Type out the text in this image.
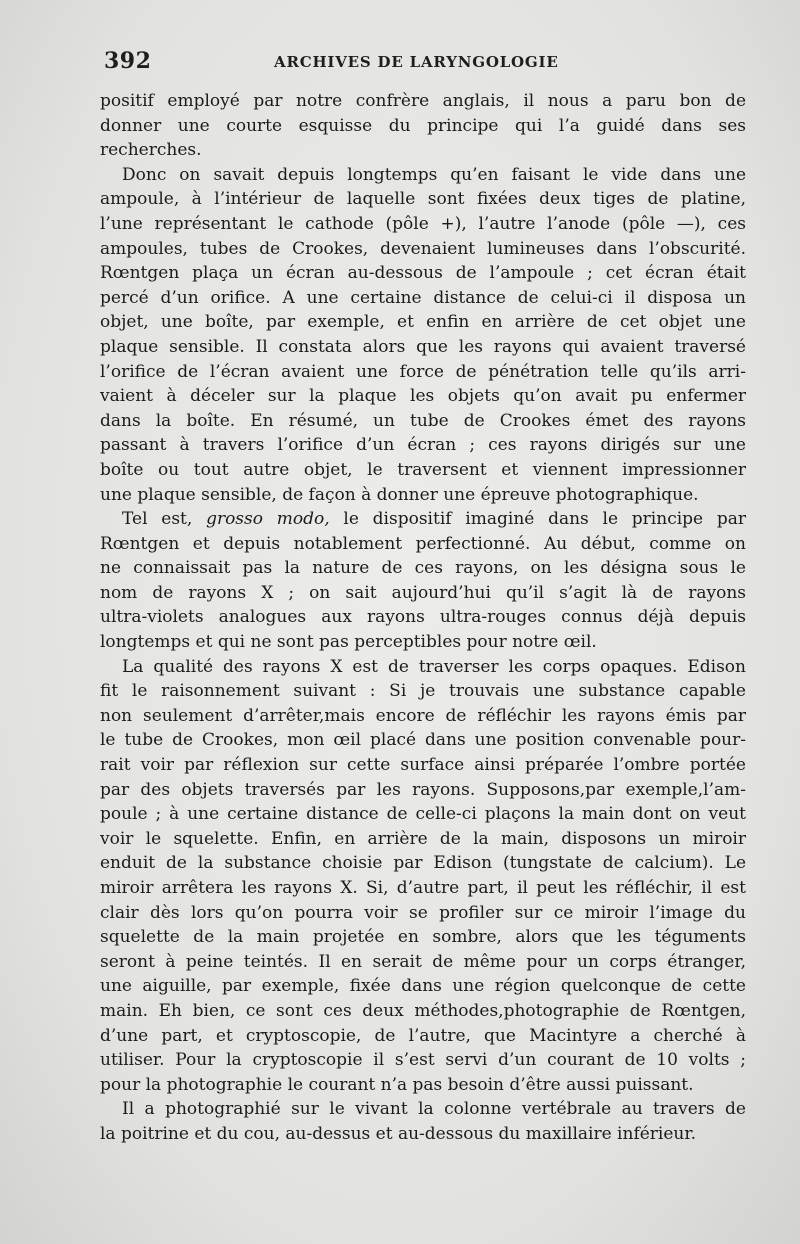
392	ARCHIVES DE LARYNGOLOGIE
positif employé par notre confrère anglais, il nous a paru bon de
donner une courte esquisse du principe qui l’a guidé dans ses
recherches.
Donc on savait depuis longtemps qu’en faisant le vide dans une
ampoule, à l’intérieur de laquelle sont fixées deux tiges de platine,
l’une représentant le cathode (pôle +), l’autre l’anode (pôle —), ces
ampoules, tubes de Crookes, devenaient lumineuses dans l’obscurité.
Rœntgen plaça un écran au-dessous de l’ampoule ; cet écran était
percé d’un orifice. A une certaine distance de celui-ci il disposa un
objet, une boîte, par exemple, et enfin en arrière de cet objet une
plaque sensible. Il constata alors que les rayons qui avaient traversé
l’orifice de l’écran avaient une force de pénétration telle qu’ils arri-
vaient à déceler sur la plaque les objets qu’on avait pu enfermer
dans la boîte. En résumé, un tube de Crookes émet des rayons
passant à travers l’orifice d’un écran ; ces rayons dirigés sur une
boîte ou tout autre objet, le traversent et viennent impressionner
une plaque sensible, de façon à donner une épreuve photographique.
Tel est, grosso modo, le dispositif imaginé dans le principe par
Rœntgen et depuis notablement perfectionné. Au début, comme on
ne connaissait pas la nature de ces rayons, on les désigna sous le
nom de rayons X ; on sait aujourd’hui qu’il s’agit là de rayons
ultra-violets analogues aux rayons ultra-rouges connus déjà depuis
longtemps et qui ne sont pas perceptibles pour notre œil.
La qualité des rayons X est de traverser les corps opaques. Edison
fit le raisonnement suivant : Si je trouvais une substance capable
non seulement d’arrêter,mais encore de réfléchir les rayons émis par
le tube de Crookes, mon œil placé dans une position convenable pour-
rait voir par réflexion sur cette surface ainsi préparée l’ombre portée
par des objets traversés par les rayons. Supposons,par exemple,l’am-
poule ; à une certaine distance de celle-ci plaçons la main dont on veut
voir le squelette. Enfin, en arrière de la main, disposons un miroir
enduit de la substance choisie par Edison (tungstate de calcium). Le
miroir arrêtera les rayons X. Si, d’autre part, il peut les réfléchir, il est
clair dès lors qu’on pourra voir se profiler sur ce miroir l’image du
squelette de la main projetée en sombre, alors que les téguments
seront à peine teintés. Il en serait de même pour un corps étranger,
une aiguille, par exemple, fixée dans une région quelconque de cette
main. Eh bien, ce sont ces deux méthodes,photographie de Rœntgen,
d’une part, et cryptoscopie, de l’autre, que Macintyre a cherché à
utiliser. Pour la cryptoscopie il s’est servi d’un courant de 10 volts ;
pour la photographie le courant n’a pas besoin d’être aussi puissant.
Il a photographié sur le vivant la colonne vertébrale au travers de
la poitrine et du cou, au-dessus et au-dessous du maxillaire inférieur.
